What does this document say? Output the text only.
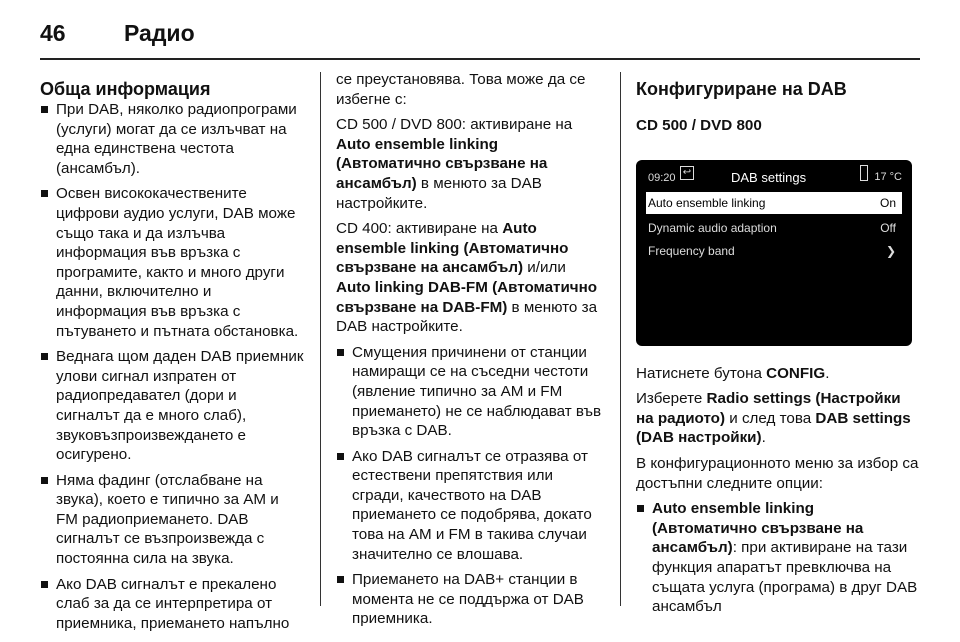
46	Радио
Обща информация
При DAB, няколко радиопрограми (услуги) могат да се излъчват на една единствена честота (ансамбъл).
Освен висококачествените цифрови аудио услуги, DAB може също така и да излъчва информация във връзка с програмите, както и много други данни, включително и информация във връзка с пътуването и пътната обстановка.
Веднага щом даден DAB приемник улови сигнал изпратен от радиопредавател (дори и сигналът да е много слаб), звуковъзпроизвеждането е осигурено.
Няма фадинг (отслабване на звука), което е типично за AM и FM радиоприемането. DAB сигналът се възпроизвежда с постоянна сила на звука.
Ако DAB сигналът е прекалено слаб за да се интерпретира от приемника, приемането напълно

се преустановява. Това може да се избегне с:

CD 500 / DVD 800: активиране на Auto ensemble linking (Автоматично свързване на ансамбъл) в менюто за DAB настройките.

CD 400: активиране на Auto ensemble linking (Автоматично свързване на ансамбъл) и/или Auto linking DAB-FM (Автоматично свързване на DAB-FM) в менюто за DAB настройките.

Смущения причинени от станции намиращи се на съседни честоти (явление типично за AM и FM приемането) не се наблюдават във връзка с DAB.
Ако DAB сигналът се отразява от естествени препятствия или сгради, качеството на DAB приемането се подобрява, докато това на AM и FM в такива случаи значително се влошава.
Приемането на DAB+ станции в момента не се поддържа от DAB приемника.
Конфигуриране на DAB
CD 500 / DVD 800
09:20 ↩	DAB settings	17 °C
Auto ensemble linking	On
Dynamic audio adaption	Off
Frequency band	❯

Натиснете бутона CONFIG.

Изберете Radio settings (Настройки на радиото) и след това DAB settings (DAB настройки).

В конфигурационното меню за избор са достъпни следните опции:

Auto ensemble linking (Автоматично свързване на ансамбъл): при активиране на тази функция апаратът превключва на същата услуга (програма) в друг DAB ансамбъл
